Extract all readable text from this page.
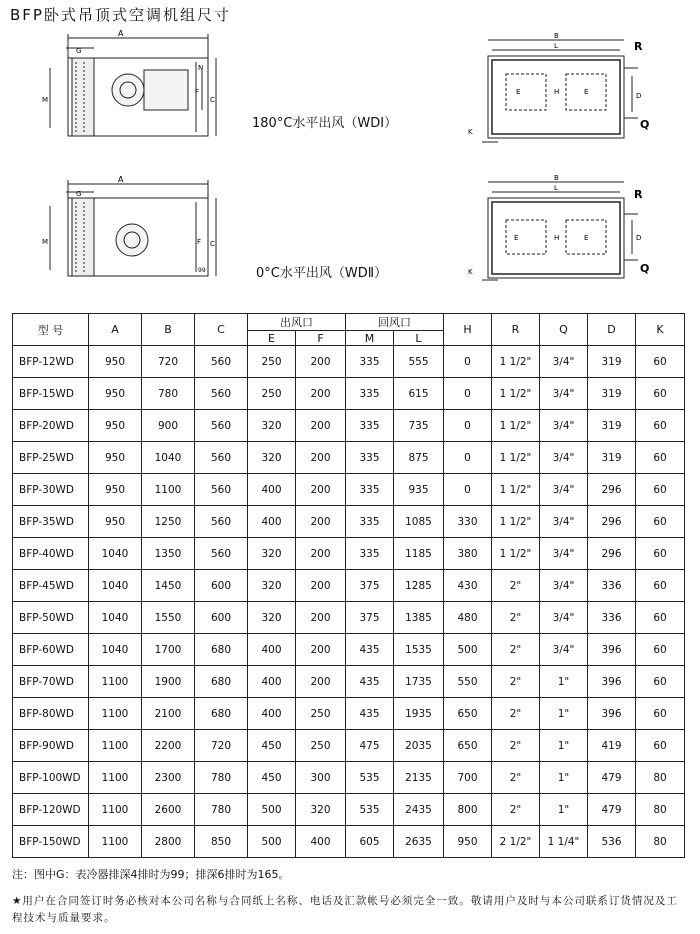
BFP卧式吊顶式空调机组尺寸
A
G
N
F
C
M
B
L	R
E	H	E	D
Q
K
180°C水平出风（WDI）
A
G
F C
M
99
B
L	R
E	H	E	D
Q
K
0°C水平出风（WDⅡ）
型 号	A	B	C	出风口		回风口		H	R	Q	D	K
				E	F	M	L					
BFP-12WD	950	720	560	250	200	335	555	0	1 1/2"	3/4"	319	60
BFP-15WD	950	780	560	250	200	335	615	0	1 1/2"	3/4"	319	60
BFP-20WD	950	900	560	320	200	335	735	0	1 1/2"	3/4"	319	60
BFP-25WD	950	1040	560	320	200	335	875	0	1 1/2"	3/4"	319	60
BFP-30WD	950	1100	560	400	200	335	935	0	1 1/2"	3/4"	296	60
BFP-35WD	950	1250	560	400	200	335	1085	330	1 1/2"	3/4"	296	60
BFP-40WD	1040	1350	560	320	200	335	1185	380	1 1/2"	3/4"	296	60
BFP-45WD	1040	1450	600	320	200	375	1285	430	2"	3/4"	336	60
BFP-50WD	1040	1550	600	320	200	375	1385	480	2"	3/4"	336	60
BFP-60WD	1040	1700	680	400	200	435	1535	500	2"	3/4"	396	60
BFP-70WD	1100	1900	680	400	200	435	1735	550	2"	1"	396	60
BFP-80WD	1100	2100	680	400	250	435	1935	650	2"	1"	396	60
BFP-90WD	1100	2200	720	450	250	475	2035	650	2"	1"	419	60
BFP-100WD	1100	2300	780	450	300	535	2135	700	2"	1"	479	80
BFP-120WD	1100	2600	780	500	320	535	2435	800	2"	1"	479	80
BFP-150WD	1100	2800	850	500	400	605	2635	950	2 1/2"	1 1/4"	536	80
注：图中G：表冷器排深4排时为99；排深6排时为165。
★用户在合同签订时务必核对本公司名称与合同纸上名称、电话及汇款帐号必须完全一致。敬请用户及时与本公司联系订货情况及工程技术与质量要求。
